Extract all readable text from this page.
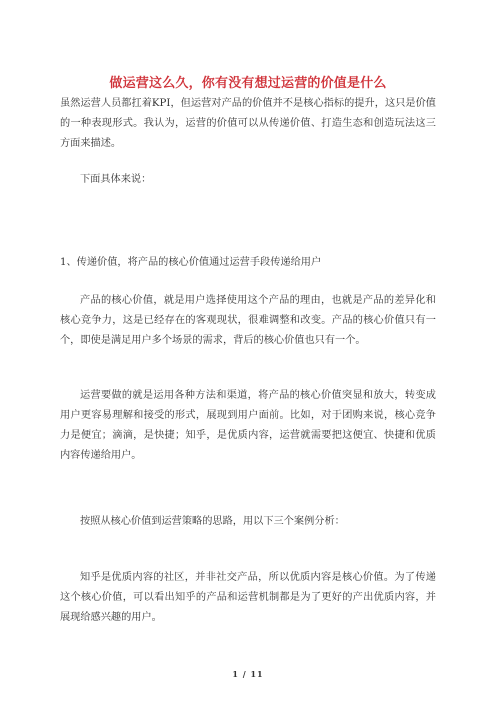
做运营这么久，你有没有想过运营的价值是什么

虽然运营人员都扛着KPI，但运营对产品的价值并不是核心指标的提升，这只是价值的一种表现形式。我认为，运营的价值可以从传递价值、打造生态和创造玩法这三方面来描述。

下面具体来说：

1、传递价值，将产品的核心价值通过运营手段传递给用户

产品的核心价值，就是用户选择使用这个产品的理由，也就是产品的差异化和核心竞争力，这是已经存在的客观现状，很难调整和改变。产品的核心价值只有一个，即使是满足用户多个场景的需求，背后的核心价值也只有一个。

运营要做的就是运用各种方法和渠道，将产品的核心价值突显和放大，转变成用户更容易理解和接受的形式，展现到用户面前。比如，对于团购来说，核心竞争力是便宜；滴滴，是快捷；知乎，是优质内容，运营就需要把这便宜、快捷和优质内容传递给用户。

按照从核心价值到运营策略的思路，用以下三个案例分析：

知乎是优质内容的社区，并非社交产品，所以优质内容是核心价值。为了传递这个核心价值，可以看出知乎的产品和运营机制都是为了更好的产出优质内容，并展现给感兴趣的用户。

1 / 11
